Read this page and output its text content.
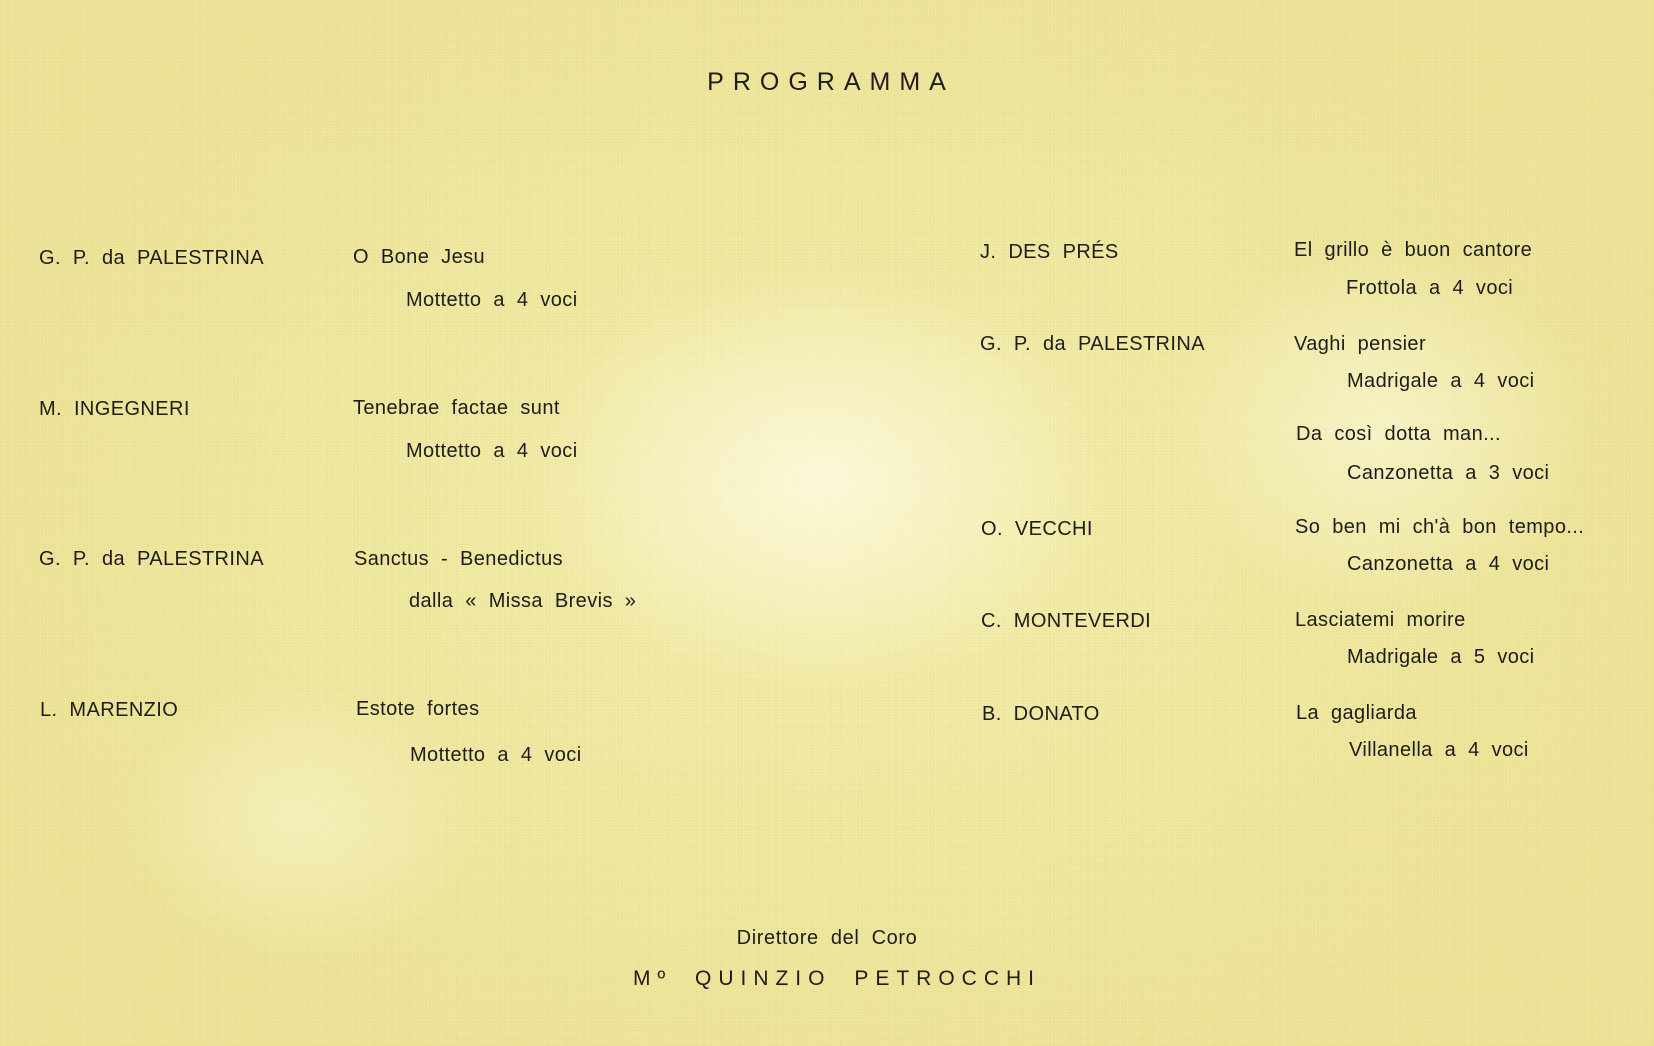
PROGRAMMA
G. P. da PALESTRINA	O Bone Jesu
Mottetto a 4 voci
M. INGEGNERI	Tenebrae factae sunt
Mottetto a 4 voci
G. P. da PALESTRINA	Sanctus - Benedictus
dalla « Missa Brevis »
L. MARENZIO	Estote fortes
Mottetto a 4 voci
J. DES PRÉS	El grillo è buon cantore
Frottola a 4 voci
G. P. da PALESTRINA	Vaghi pensier
Madrigale a 4 voci
Da così dotta man...
Canzonetta a 3 voci
O. VECCHI	So ben mi ch'à bon tempo...
Canzonetta a 4 voci
C. MONTEVERDI	Lasciatemi morire
Madrigale a 5 voci
B. DONATO	La gagliarda
Villanella a 4 voci
Direttore del Coro
Mº QUINZIO PETROCCHI
